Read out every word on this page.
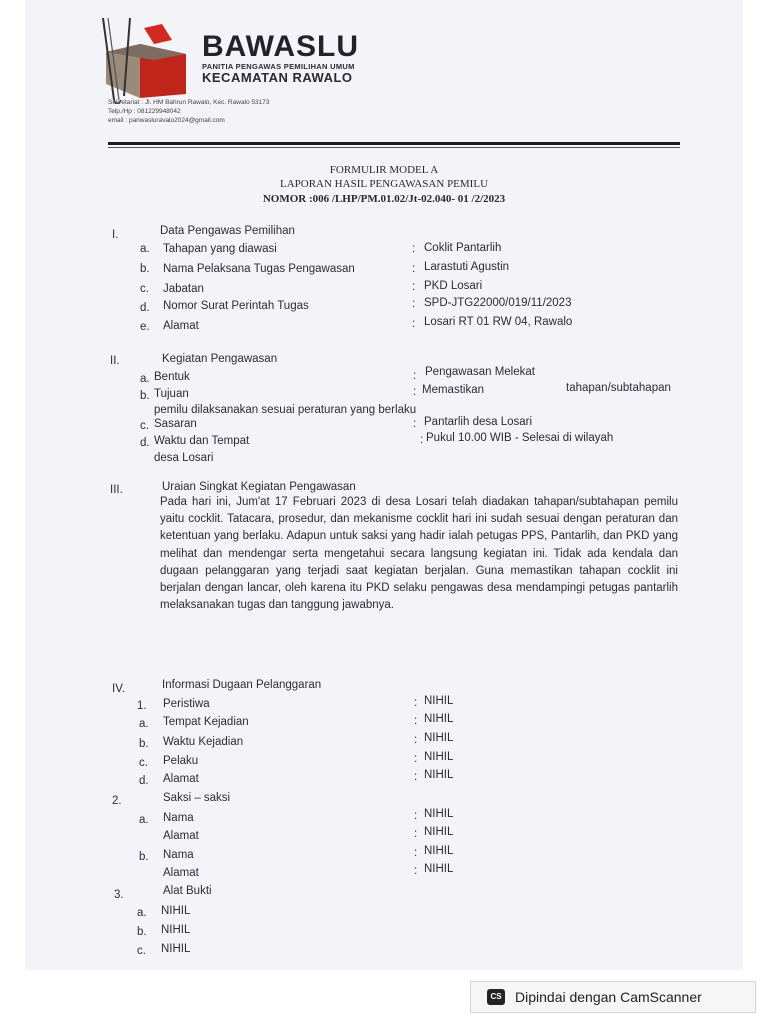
BAWASLU
PANITIA PENGAWAS PEMILIHAN UMUM
KECAMATAN RAWALO
Sekretariat : Jl. HM Bahrun Rawalo, Kec. Rawalo 53173
Telp./Hp : 081229948042
email : panwasluravalo2024@gmail.com
FORMULIR MODEL A
LAPORAN HASIL PENGAWASAN PEMILU
NOMOR :006 /LHP/PM.01.02/Jt-02.040- 01 /2/2023
I.	Data Pengawas Pemilihan
a. Tahapan yang diawasi	: Coklit Pantarlih
b. Nama Pelaksana Tugas Pengawasan	: Larastuti Agustin
c. Jabatan	: PKD Losari
d. Nomor Surat Perintah Tugas	: SPD-JTG22000/019/11/2023
e. Alamat	: Losari RT 01 RW 04, Rawalo
II.	Kegiatan Pengawasan
a. Bentuk	: Pengawasan Melekat
b. Tujuan	: Memastikan	tahapan/subtahapan
pemilu dilaksanakan sesuai peraturan yang berlaku
c. Sasaran	: Pantarlih desa Losari
d. Waktu dan Tempat	: Pukul 10.00 WIB - Selesai di wilayah
desa Losari
III.	Uraian Singkat Kegiatan Pengawasan
Pada hari ini, Jum'at 17 Februari 2023 di desa Losari telah diadakan tahapan/subtahapan pemilu yaitu cocklit. Tatacara, prosedur, dan mekanisme cocklit hari ini sudah sesuai dengan peraturan dan ketentuan yang berlaku. Adapun untuk saksi yang hadir ialah petugas PPS, Pantarlih, dan PKD yang melihat dan mendengar serta mengetahui secara langsung kegiatan ini. Tidak ada kendala dan dugaan pelanggaran yang terjadi saat kegiatan berjalan. Guna memastikan tahapan cocklit ini berjalan dengan lancar, oleh karena itu PKD selaku pengawas desa mendampingi petugas pantarlih melaksanakan tugas dan tanggung jawabnya.
IV.	Informasi Dugaan Pelanggaran
1. Peristiwa	: NIHIL
a. Tempat Kejadian	: NIHIL
b. Waktu Kejadian	: NIHIL
c. Pelaku	: NIHIL
d. Alamat	: NIHIL
2.	Saksi – saksi
a. Nama	: NIHIL
Alamat	: NIHIL
b. Nama	: NIHIL
Alamat	: NIHIL
3.	Alat Bukti
a. NIHIL
b. NIHIL
c. NIHIL
CS Dipindai dengan CamScanner
